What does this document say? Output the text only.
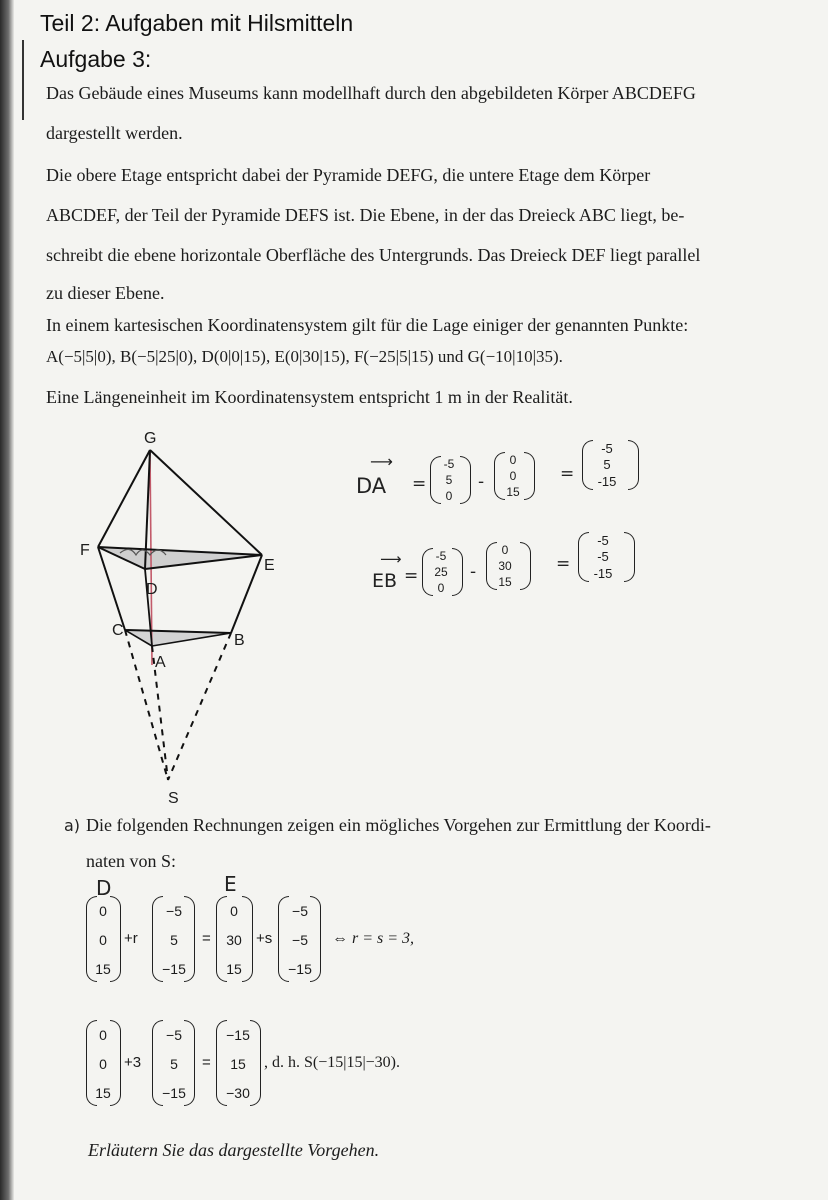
Teil 2: Aufgaben mit Hilsmitteln
Aufgabe 3:
Das Gebäude eines Museums kann modellhaft durch den abgebildeten Körper ABCDEFG
dargestellt werden.
Die obere Etage entspricht dabei der Pyramide DEFG, die untere Etage dem Körper
ABCDEF, der Teil der Pyramide DEFS ist. Die Ebene, in der das Dreieck ABC liegt, be-
schreibt die ebene horizontale Oberfläche des Untergrunds. Das Dreieck DEF liegt parallel
zu dieser Ebene.
In einem kartesischen Koordinatensystem gilt für die Lage einiger der genannten Punkte:
A(−5|5|0), B(−5|25|0), D(0|0|15), E(0|30|15), F(−25|5|15) und G(−10|10|35).
Eine Längeneinheit im Koordinatensystem entspricht 1 m in der Realität.
G
F
E
D
C
B
A
S
DA
⟶
=
-5
5
0
-
0
0
15
=
-5
5
-15
EB
⟶
=
-5
25
0
-
0
30
15
=
-5
-5
-15
a) Die folgenden Rechnungen zeigen ein mögliches Vorgehen zur Ermittlung der Koordi-
naten von S:
D	E
0
0
15
+r
−5
5
−15
=
0
30
15
+s
−5
−5
−15
⇔ r = s = 3,
0
0
15
+3
−5
5
−15
=
−15
15
−30
, d. h. S(−15|15|−30).
Erläutern Sie das dargestellte Vorgehen.
